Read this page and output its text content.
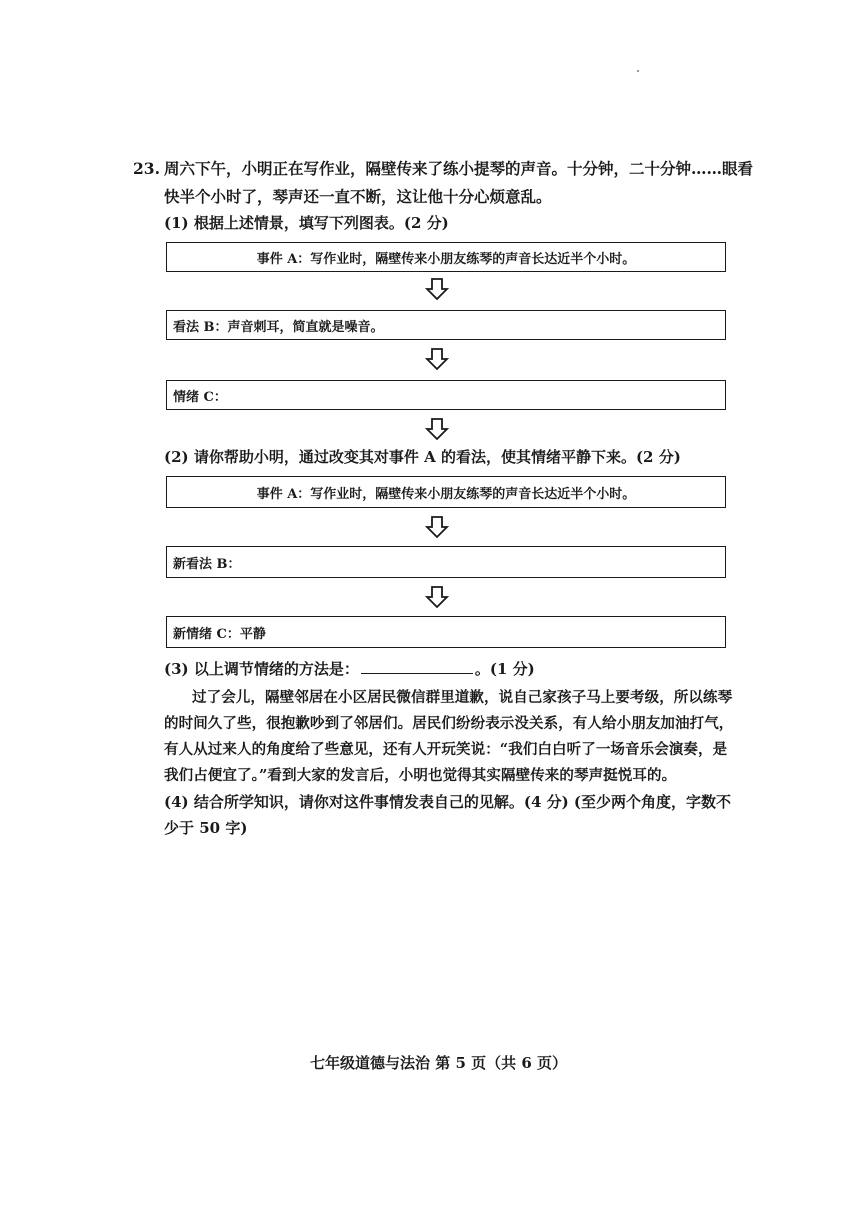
23. 周六下午，小明正在写作业，隔壁传来了练小提琴的声音。十分钟，二十分钟……眼看
快半个小时了，琴声还一直不断，这让他十分心烦意乱。
(1) 根据上述情景，填写下列图表。(2 分)
事件 A：写作业时，隔壁传来小朋友练琴的声音长达近半个小时。
看法 B：声音刺耳，简直就是噪音。
情绪 C：
(2) 请你帮助小明，通过改变其对事件 A 的看法，使其情绪平静下来。(2 分)
事件 A：写作业时，隔壁传来小朋友练琴的声音长达近半个小时。
新看法 B：
新情绪 C：平静
(3) 以上调节情绪的方法是：	。(1 分)
过了会儿，隔壁邻居在小区居民微信群里道歉，说自己家孩子马上要考级，所以练琴
的时间久了些，很抱歉吵到了邻居们。居民们纷纷表示没关系，有人给小朋友加油打气，
有人从过来人的角度给了些意见，还有人开玩笑说：“我们白白听了一场音乐会演奏，是
我们占便宜了。”看到大家的发言后，小明也觉得其实隔壁传来的琴声挺悦耳的。
(4) 结合所学知识，请你对这件事情发表自己的见解。(4 分) (至少两个角度，字数不
少于 50 字)
七年级道德与法治 第 5 页（共 6 页）
